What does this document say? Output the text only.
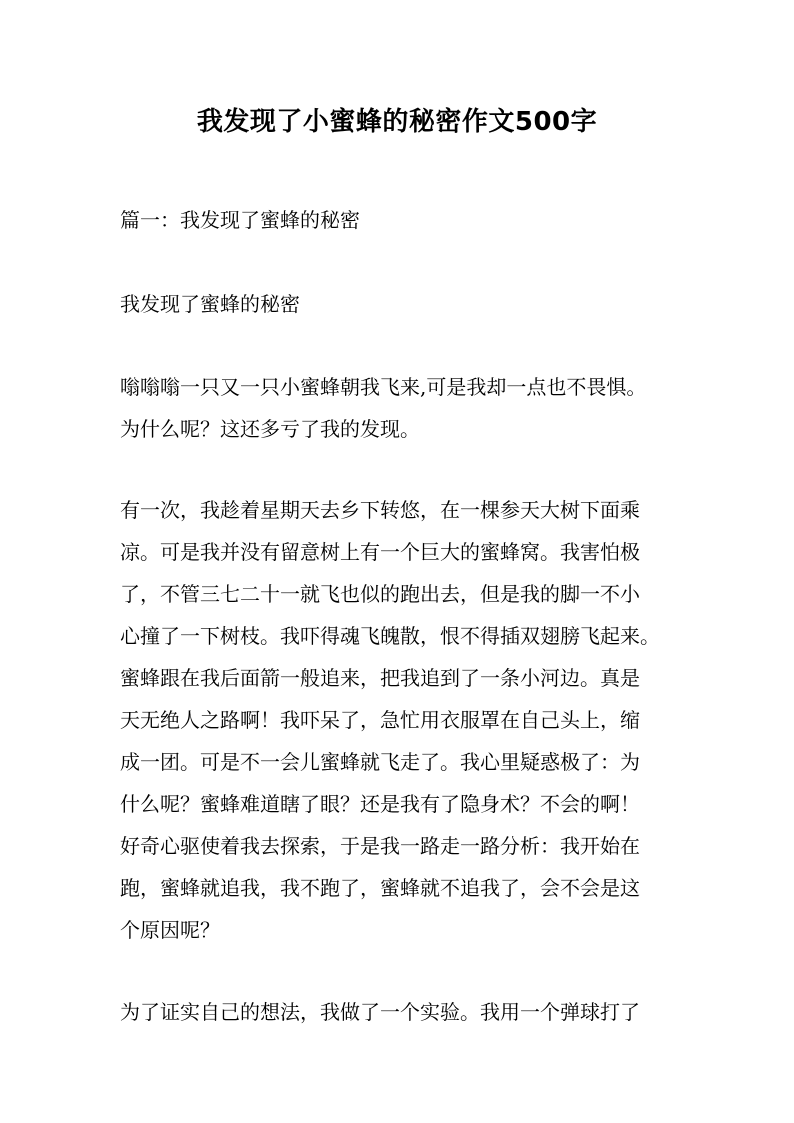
我发现了小蜜蜂的秘密作文500字
篇一：我发现了蜜蜂的秘密
我发现了蜜蜂的秘密
嗡嗡嗡一只又一只小蜜蜂朝我飞来,可是我却一点也不畏惧。
为什么呢？这还多亏了我的发现。
有一次，我趁着星期天去乡下转悠，在一棵参天大树下面乘
凉。可是我并没有留意树上有一个巨大的蜜蜂窝。我害怕极
了，不管三七二十一就飞也似的跑出去，但是我的脚一不小
心撞了一下树枝。我吓得魂飞魄散，恨不得插双翅膀飞起来。
蜜蜂跟在我后面箭一般追来，把我追到了一条小河边。真是
天无绝人之路啊！我吓呆了，急忙用衣服罩在自己头上，缩
成一团。可是不一会儿蜜蜂就飞走了。我心里疑惑极了：为
什么呢？蜜蜂难道瞎了眼？还是我有了隐身术？不会的啊！
好奇心驱使着我去探索，于是我一路走一路分析：我开始在
跑，蜜蜂就追我，我不跑了，蜜蜂就不追我了，会不会是这
个原因呢？
为了证实自己的想法，我做了一个实验。我用一个弹球打了
